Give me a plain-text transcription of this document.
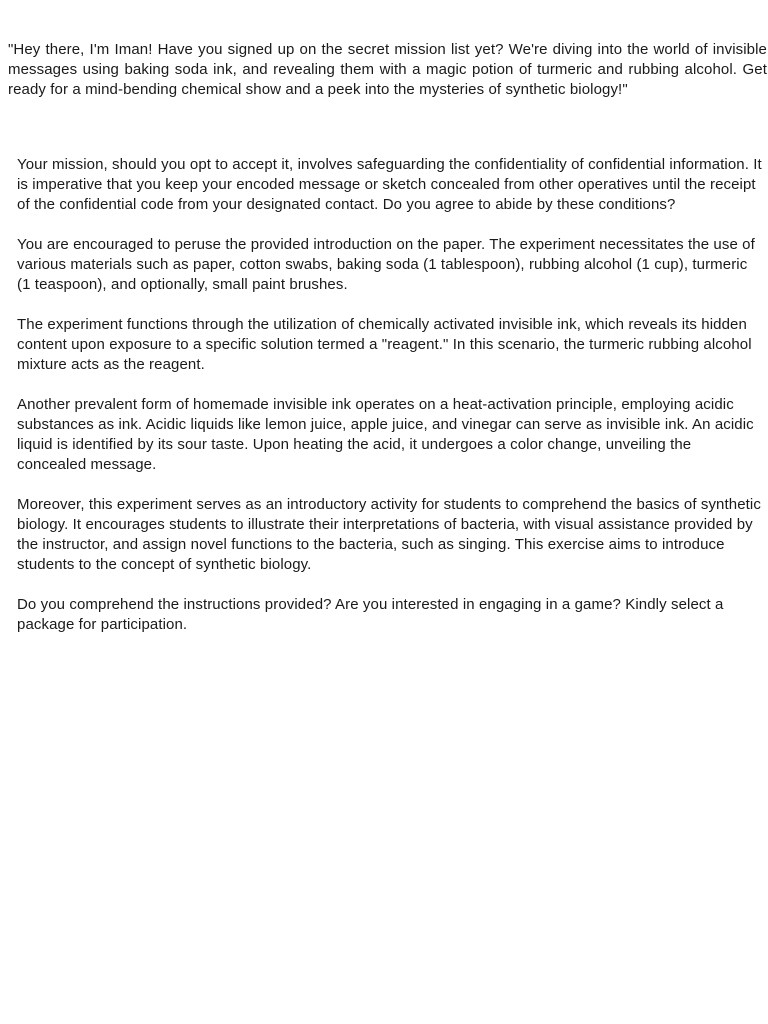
"Hey there, I'm Iman! Have you signed up on the secret mission list yet? We're diving into the world of invisible messages using baking soda ink, and revealing them with a magic potion of turmeric and rubbing alcohol. Get ready for a mind-bending chemical show and a peek into the mysteries of synthetic biology!"

Your mission, should you opt to accept it, involves safeguarding the confidentiality of confidential information. It is imperative that you keep your encoded message or sketch concealed from other operatives until the receipt of the confidential code from your designated contact. Do you agree to abide by these conditions?

You are encouraged to peruse the provided introduction on the paper. The experiment necessitates the use of various materials such as paper, cotton swabs, baking soda (1 tablespoon), rubbing alcohol (1 cup), turmeric (1 teaspoon), and optionally, small paint brushes.

The experiment functions through the utilization of chemically activated invisible ink, which reveals its hidden content upon exposure to a specific solution termed a "reagent." In this scenario, the turmeric rubbing alcohol mixture acts as the reagent.

Another prevalent form of homemade invisible ink operates on a heat-activation principle, employing acidic substances as ink. Acidic liquids like lemon juice, apple juice, and vinegar can serve as invisible ink. An acidic liquid is identified by its sour taste. Upon heating the acid, it undergoes a color change, unveiling the concealed message.

Moreover, this experiment serves as an introductory activity for students to comprehend the basics of synthetic biology. It encourages students to illustrate their interpretations of bacteria, with visual assistance provided by the instructor, and assign novel functions to the bacteria, such as singing. This exercise aims to introduce students to the concept of synthetic biology.

Do you comprehend the instructions provided? Are you interested in engaging in a game? Kindly select a package for participation.
